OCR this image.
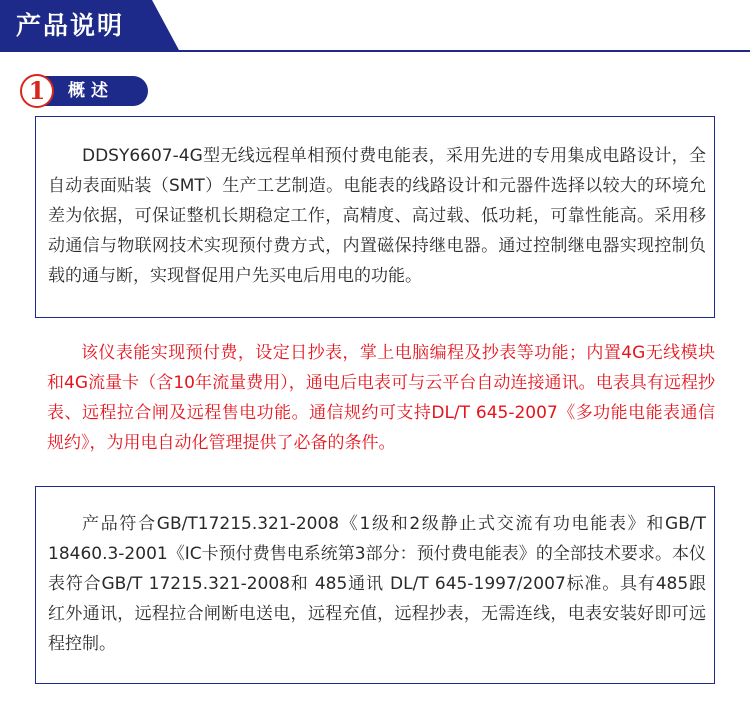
产品说明
1	概述

DDSY6607-4G型无线远程单相预付费电能表，采用先进的专用集成电路设计，全自动表面贴装（SMT）生产工艺制造。电能表的线路设计和元器件选择以较大的环境允差为依据，可保证整机长期稳定工作，高精度、高过载、低功耗，可靠性能高。采用移动通信与物联网技术实现预付费方式，内置磁保持继电器。通过控制继电器实现控制负载的通与断，实现督促用户先买电后用电的功能。

该仪表能实现预付费，设定日抄表，掌上电脑编程及抄表等功能；内置4G无线模块和4G流量卡（含10年流量费用），通电后电表可与云平台自动连接通讯。电表具有远程抄表、远程拉合闸及远程售电功能。通信规约可支持DL/T 645-2007《多功能电能表通信规约》，为用电自动化管理提供了必备的条件。

产品符合GB/T17215.321-2008《1级和2级静止式交流有功电能表》和GB/T 18460.3-2001《IC卡预付费售电系统第3部分：预付费电能表》的全部技术要求。本仪表符合GB/T 17215.321-2008和 485通讯 DL/T 645-1997/2007标准。具有485跟红外通讯，远程拉合闸断电送电，远程充值，远程抄表，无需连线，电表安装好即可远程控制。
